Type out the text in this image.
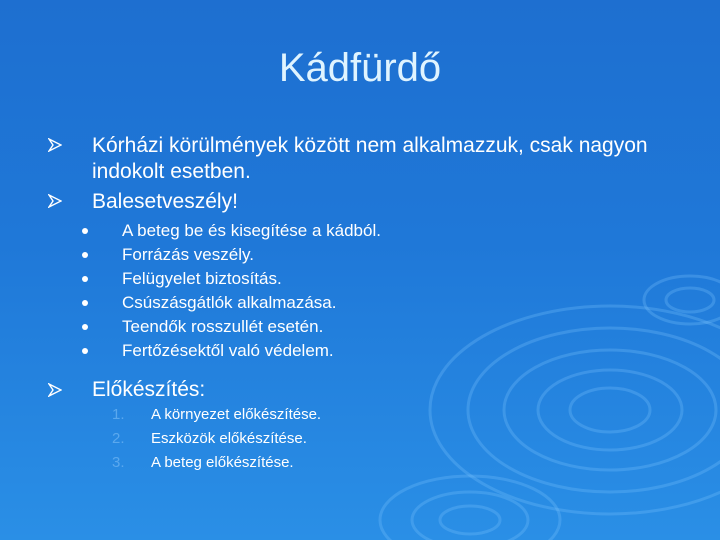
Kádfürdő
Kórházi körülmények között nem alkalmazzuk, csak nagyon indokolt esetben.
Balesetveszély!
A beteg be és kisegítése a kádból.
Forrázás veszély.
Felügyelet biztosítás.
Csúszásgátlók alkalmazása.
Teendők rosszullét esetén.
Fertőzésektől való védelem.
Előkészítés:
1.	A környezet előkészítése.
2.	Eszközök előkészítése.
3.	A beteg előkészítése.
